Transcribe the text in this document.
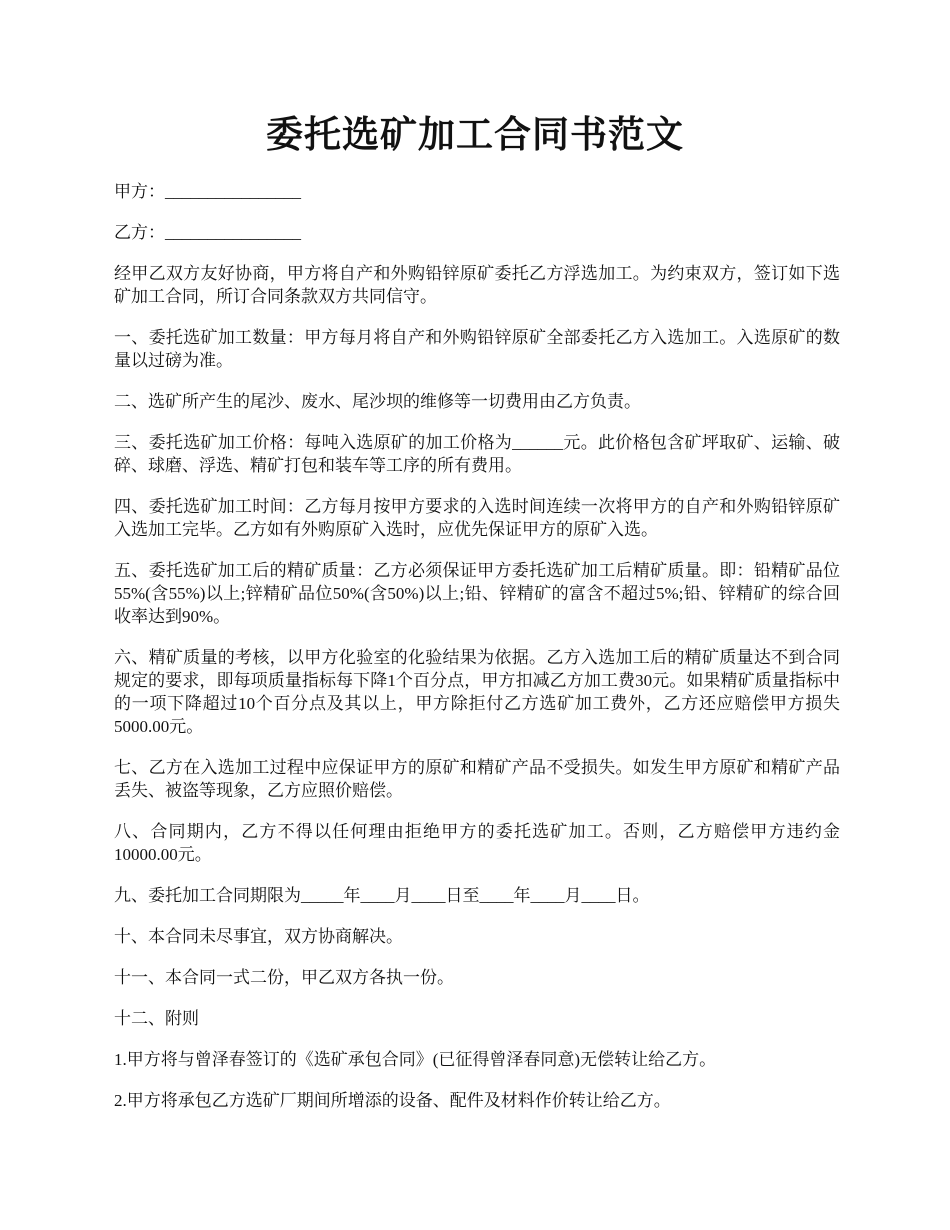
委托选矿加工合同书范文

甲方：________________

乙方：________________

经甲乙双方友好协商，甲方将自产和外购铅锌原矿委托乙方浮选加工。为约束双方，签订如下选矿加工合同，所订合同条款双方共同信守。

一、委托选矿加工数量：甲方每月将自产和外购铅锌原矿全部委托乙方入选加工。入选原矿的数量以过磅为准。

二、选矿所产生的尾沙、废水、尾沙坝的维修等一切费用由乙方负责。

三、委托选矿加工价格：每吨入选原矿的加工价格为______元。此价格包含矿坪取矿、运输、破碎、球磨、浮选、精矿打包和装车等工序的所有费用。

四、委托选矿加工时间：乙方每月按甲方要求的入选时间连续一次将甲方的自产和外购铅锌原矿入选加工完毕。乙方如有外购原矿入选时，应优先保证甲方的原矿入选。

五、委托选矿加工后的精矿质量：乙方必须保证甲方委托选矿加工后精矿质量。即：铅精矿品位55%(含55%)以上;锌精矿品位50%(含50%)以上;铅、锌精矿的富含不超过5%;铅、锌精矿的综合回收率达到90%。

六、精矿质量的考核，以甲方化验室的化验结果为依据。乙方入选加工后的精矿质量达不到合同规定的要求，即每项质量指标每下降1个百分点，甲方扣减乙方加工费30元。如果精矿质量指标中的一项下降超过10个百分点及其以上，甲方除拒付乙方选矿加工费外，乙方还应赔偿甲方损失5000.00元。

七、乙方在入选加工过程中应保证甲方的原矿和精矿产品不受损失。如发生甲方原矿和精矿产品丢失、被盗等现象，乙方应照价赔偿。

八、合同期内，乙方不得以任何理由拒绝甲方的委托选矿加工。否则，乙方赔偿甲方违约金10000.00元。

九、委托加工合同期限为_____年____月____日至____年____月____日。

十、本合同未尽事宜，双方协商解决。

十一、本合同一式二份，甲乙双方各执一份。

十二、附则

1.甲方将与曾泽春签订的《选矿承包合同》(已征得曾泽春同意)无偿转让给乙方。

2.甲方将承包乙方选矿厂期间所增添的设备、配件及材料作价转让给乙方。
